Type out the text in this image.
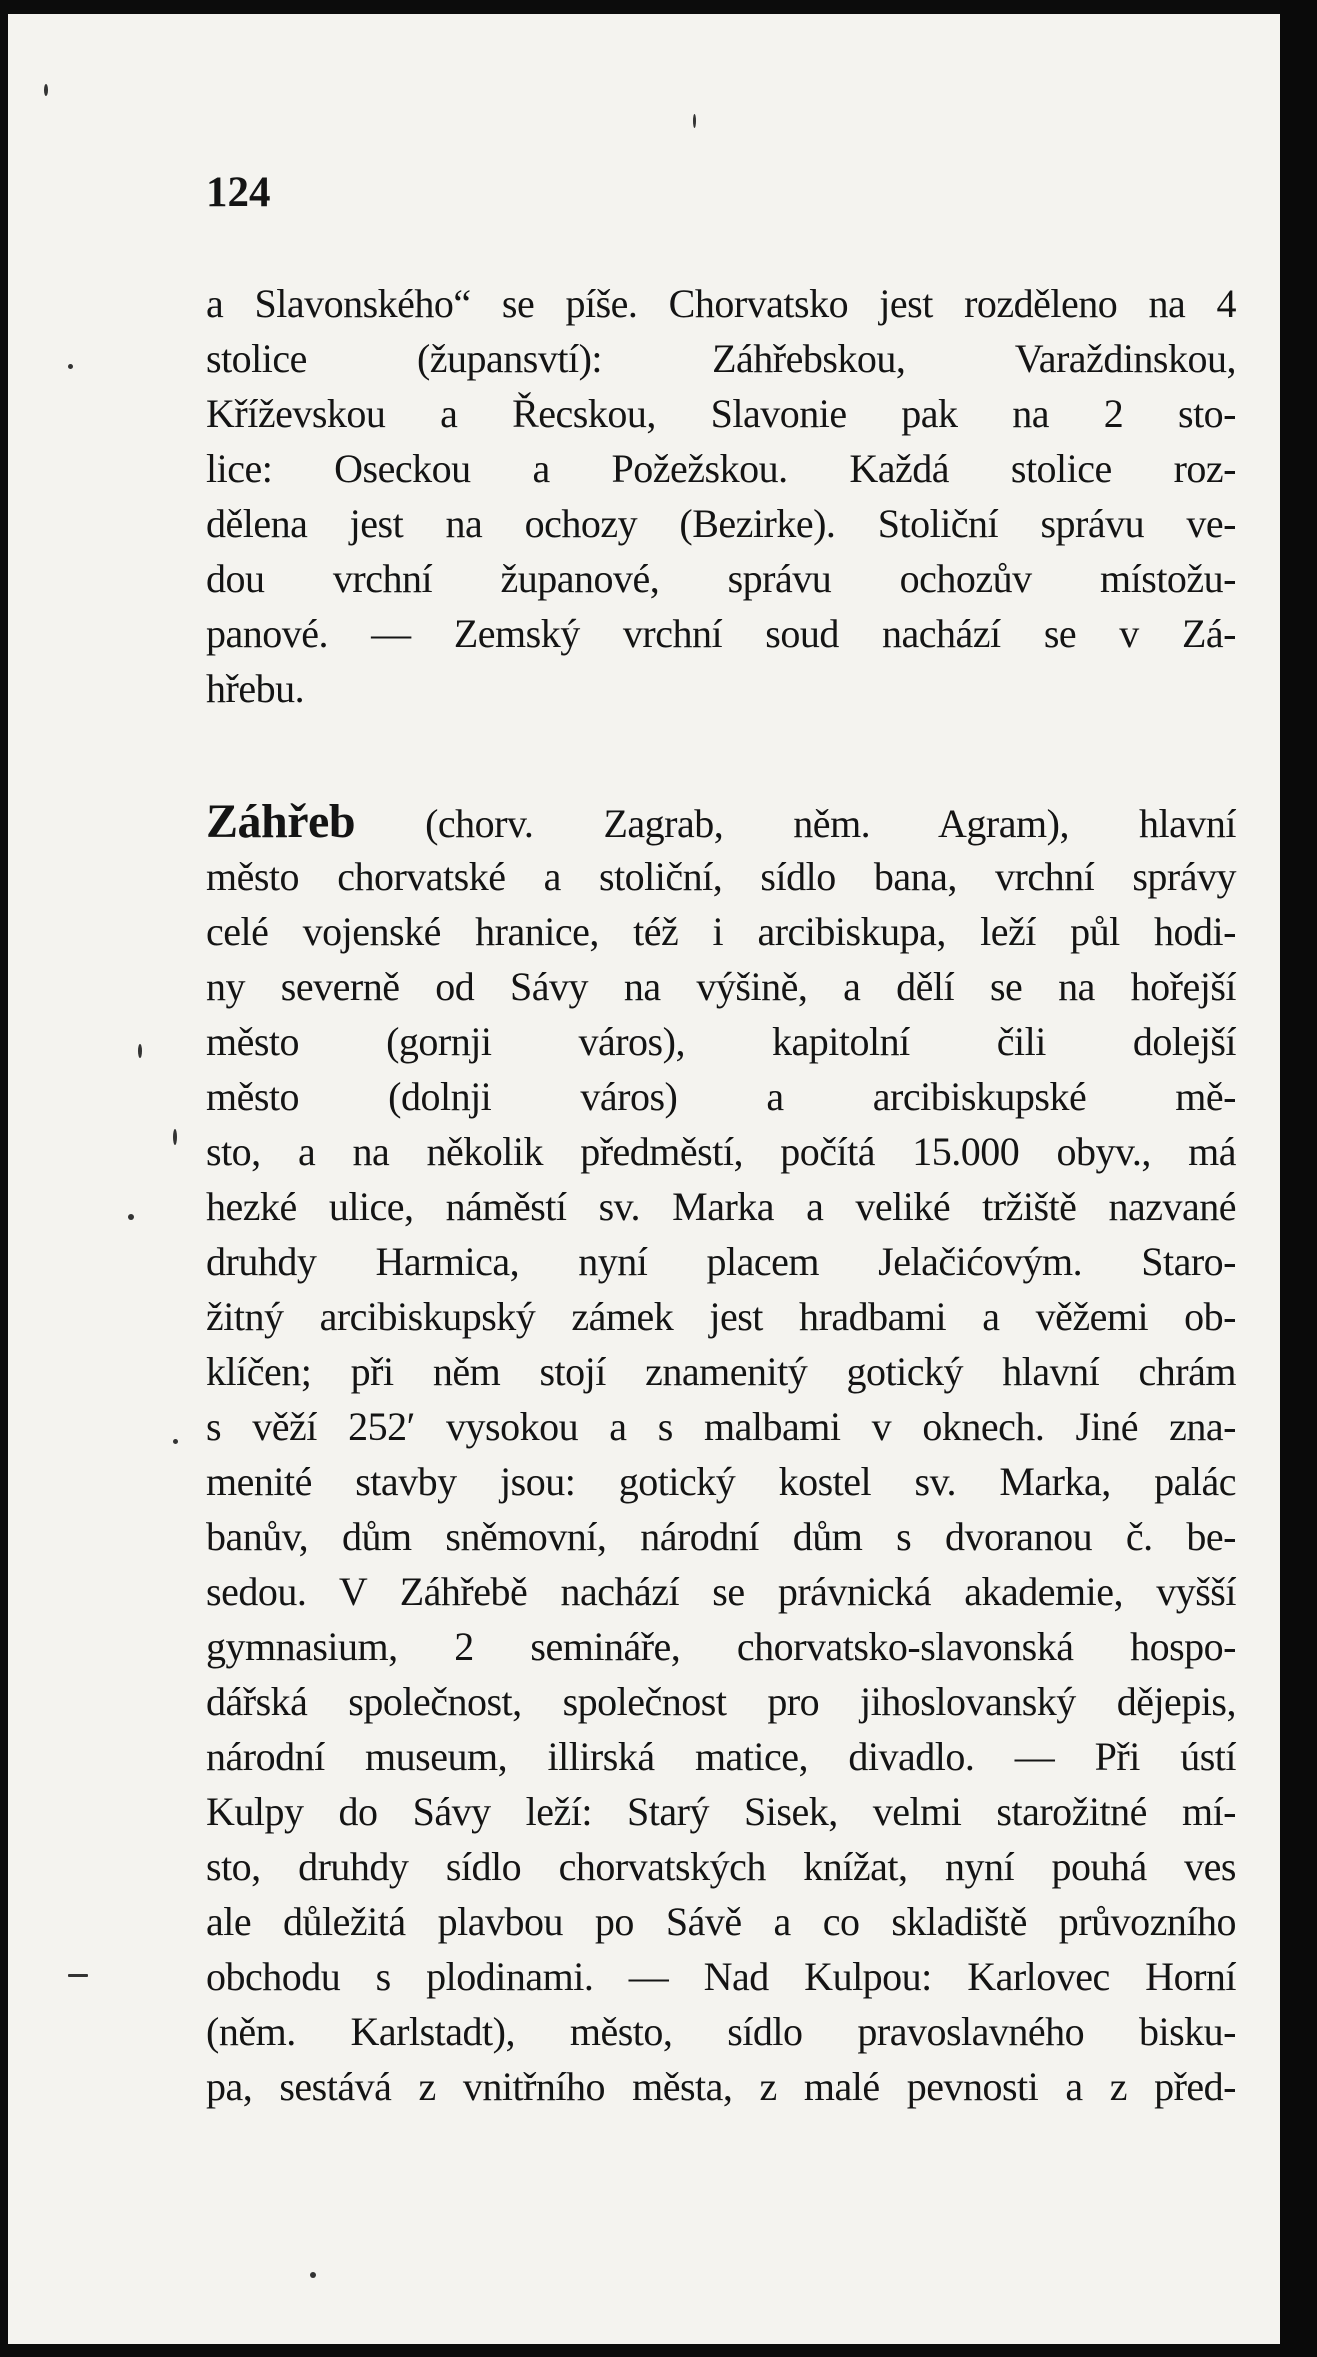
124
a Slavonského“ se píše. Chorvatsko jest rozděleno na 4
stolice (župansvtí): Záhřebskou, Varaždinskou,
Kříževskou a Řecskou, Slavonie pak na 2 sto-
lice: Oseckou a Požežskou. Každá stolice roz-
dělena jest na ochozy (Bezirke). Stoliční správu ve-
dou vrchní županové, správu ochozův místožu-
panové. — Zemský vrchní soud nachází se v Zá-
hřebu.
Záhřeb (chorv. Zagrab, něm. Agram), hlavní
město chorvatské a stoliční, sídlo bana, vrchní správy
celé vojenské hranice, též i arcibiskupa, leží půl hodi-
ny severně od Sávy na výšině, a dělí se na hořejší
město (gornji város), kapitolní čili dolejší
město (dolnji város) a arcibiskupské mě-
sto, a na několik předměstí, počítá 15.000 obyv., má
hezké ulice, náměstí sv. Marka a veliké tržiště nazvané
druhdy Harmica, nyní placem Jelačićovým. Staro-
žitný arcibiskupský zámek jest hradbami a věžemi ob-
klíčen; při něm stojí znamenitý gotický hlavní chrám
s věží 252′ vysokou a s malbami v oknech. Jiné zna-
menité stavby jsou: gotický kostel sv. Marka, palác
banův, dům sněmovní, národní dům s dvoranou č. be-
sedou. V Záhřebě nachází se právnická akademie, vyšší
gymnasium, 2 semináře, chorvatsko-slavonská hospo-
dářská společnost, společnost pro jihoslovanský dějepis,
národní museum, illirská matice, divadlo. — Při ústí
Kulpy do Sávy leží: Starý Sisek, velmi starožitné mí-
sto, druhdy sídlo chorvatských knížat, nyní pouhá ves
ale důležitá plavbou po Sávě a co skladiště průvozního
obchodu s plodinami. — Nad Kulpou: Karlovec Horní
(něm. Karlstadt), město, sídlo pravoslavného bisku-
pa, sestává z vnitřního města, z malé pevnosti a z před-
